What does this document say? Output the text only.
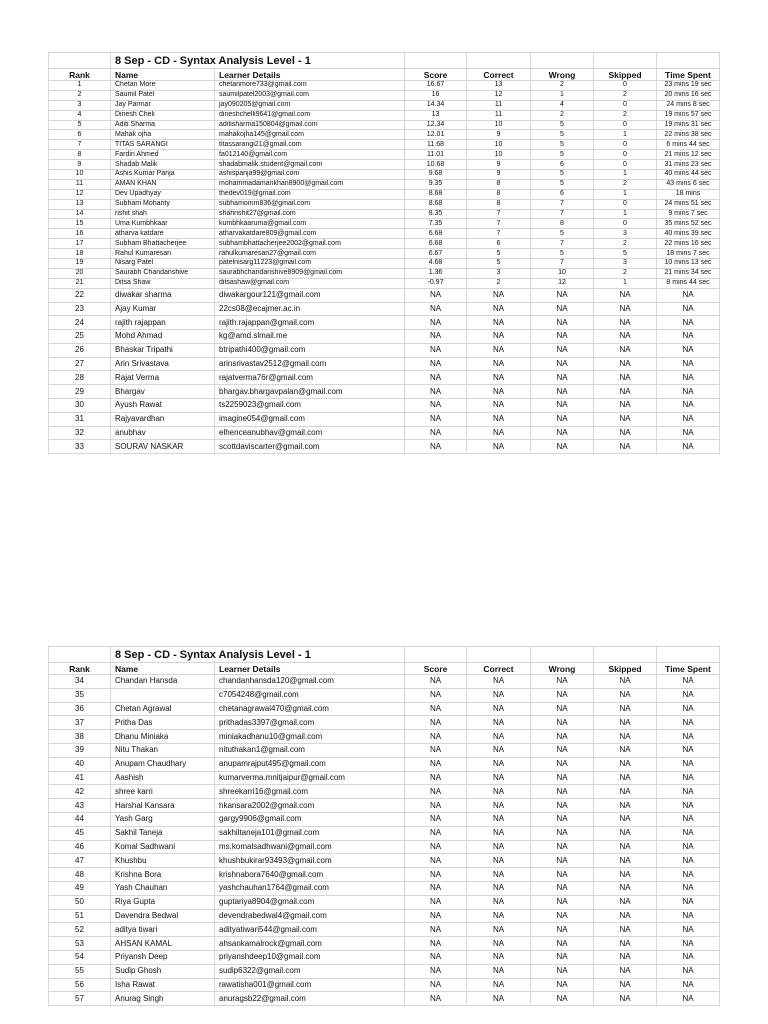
	8 Sep - CD - Syntax Analysis Level - 1						
Rank	Name	Learner Details	Score	Correct	Wrong	Skipped	Time Spent
1	Chetan More	chetanmore733@gmail.com	16.67	13	2	0	23 mins 19 sec
2	Saumil Patel	saumilpatel2003@gmail.com	16	12	1	2	20 mins 16 sec
3	Jay Parmar	jay090205@gmail.com	14.34	11	4	0	24 mins 8 sec
4	Dinesh Cheli	dineshchelli9641@gmail.com	13	11	2	2	19 mins 57 sec
5	Aditi Sharma	aditisharma150804@gmail.com	12.34	10	5	0	19 mins 31 sec
6	Mahak ojha	mahakojha145@gmail.com	12.01	9	5	1	22 mins 38 sec
7	TITAS SARANGI	titassarangi21@gmail.com	11.68	10	5	0	6 mins 44 sec
8	Fardin Ahmed	fa012140@gmail.com	11.01	10	5	0	21 mins 12 sec
9	Shadab Malik	shadabmalik.student@gmail.com	10.68	9	6	0	31 mins 23 sec
10	Ashis Kumar Panja	ashispanja99@gmail.com	9.68	9	5	1	40 mins 44 sec
11	AMAN KHAN	mohammadamankhan8900@gmail.com	9.35	8	5	2	43 mins 6 sec
12	Dev Upadhyay	thedev019@gmail.com	8.68	8	6	1	18 mins
13	Subham Mohanty	subhamomm836@gmail.com	8.68	8	7	0	24 mins 51 sec
14	rishit shah	shahrishit27@gmail.com	8.35	7	7	1	9 mins 7 sec
15	Uma Kumbhkaar	kumbhkaaruma@gmail.com	7.35	7	8	0	35 mins 52 sec
16	atharva katdare	atharvakatdare809@gmail.com	6.68	7	5	3	40 mins 39 sec
17	Subham Bhattacherjee	subhambhattacherjee2002@gmail.com	6.68	6	7	2	22 mins 16 sec
18	Rahul Kumaresan	rahulkumaresan27@gmail.com	6.67	5	5	5	18 mins 7 sec
19	Nisarg Patel	patelnisarg11223@gmail.com	4.68	5	7	3	10 mins 13 sec
20	Saurabh Chandanshive	saurabhchandanshive8909@gmail.com	1.36	3	10	2	21 mins 34 sec
21	Ditsa Shaw	ditsashaw@gmail.com	-0.97	2	12	1	8 mins 44 sec
22	diwakar sharma	diwakargour121@gmail.com	NA	NA	NA	NA	NA
23	Ajay Kumar	22cs08@ecajmer.ac.in	NA	NA	NA	NA	NA
24	rajith rajappan	rajith.rajappan@gmail.com	NA	NA	NA	NA	NA
25	Mohd Ahmad	kg@amd.slmail.me	NA	NA	NA	NA	NA
26	Bhaskar Tripathi	btripathi400@gmail.com	NA	NA	NA	NA	NA
27	Arin Srivastava	arinsrivastav2512@gmail.com	NA	NA	NA	NA	NA
28	Rajat Verma	rajatverma76r@gmail.com	NA	NA	NA	NA	NA
29	Bhargav	bhargav.bhargavpalan@gmail.com	NA	NA	NA	NA	NA
30	Ayush Rawat	ts2259023@gmail.com	NA	NA	NA	NA	NA
31	Rajyavardhan	imagine054@gmail.com	NA	NA	NA	NA	NA
32	anubhav	elhenceanubhav@gmail.com	NA	NA	NA	NA	NA
33	SOURAV NASKAR	scottdaviscarter@gmail.com	NA	NA	NA	NA	NA
	8 Sep - CD - Syntax Analysis Level - 1						
Rank	Name	Learner Details	Score	Correct	Wrong	Skipped	Time Spent
34	Chandan Hansda	chandanhansda120@gmail.com	NA	NA	NA	NA	NA
35		c7054248@gmail.com	NA	NA	NA	NA	NA
36	Chetan Agrawal	chetanagrawal470@gmail.com	NA	NA	NA	NA	NA
37	Pritha Das	prithadas3397@gmail.com	NA	NA	NA	NA	NA
38	Dhanu Miniaka	miniakadhanu10@gmail.com	NA	NA	NA	NA	NA
39	Nitu Thakan	nituthakan1@gmail.com	NA	NA	NA	NA	NA
40	Anupam Chaudhary	anupamrajput495@gmail.com	NA	NA	NA	NA	NA
41	Aashish	kumarverma.mnitjaipur@gmail.com	NA	NA	NA	NA	NA
42	shree karri	shreekarri16@gmail.com	NA	NA	NA	NA	NA
43	Harshal Kansara	hkansara2002@gmail.com	NA	NA	NA	NA	NA
44	Yash Garg	gargy9906@gmail.com	NA	NA	NA	NA	NA
45	Sakhil Taneja	sakhiltaneja101@gmail.com	NA	NA	NA	NA	NA
46	Komal Sadhwani	ms.komalsadhwani@gmail.com	NA	NA	NA	NA	NA
47	Khushbu	khushbukirar93493@gmail.com	NA	NA	NA	NA	NA
48	Krishna Bora	krishnabora7640@gmail.com	NA	NA	NA	NA	NA
49	Yash Chauhan	yashchauhan1764@gmail.com	NA	NA	NA	NA	NA
50	Riya Gupta	guptariya8904@gmail.com	NA	NA	NA	NA	NA
51	Davendra Bedwal	devendrabedwal4@gmail.com	NA	NA	NA	NA	NA
52	aditya tiwari	adityatiwari544@gmail.com	NA	NA	NA	NA	NA
53	AHSAN KAMAL	ahsankamalrock@gmail.com	NA	NA	NA	NA	NA
54	Priyansh Deep	priyanshdeep10@gmail.com	NA	NA	NA	NA	NA
55	Sudip Ghosh	sudip6322@gmail.com	NA	NA	NA	NA	NA
56	Isha Rawat	rawatisha001@gmail.com	NA	NA	NA	NA	NA
57	Anurag Singh	anuragsb22@gmail.com	NA	NA	NA	NA	NA
